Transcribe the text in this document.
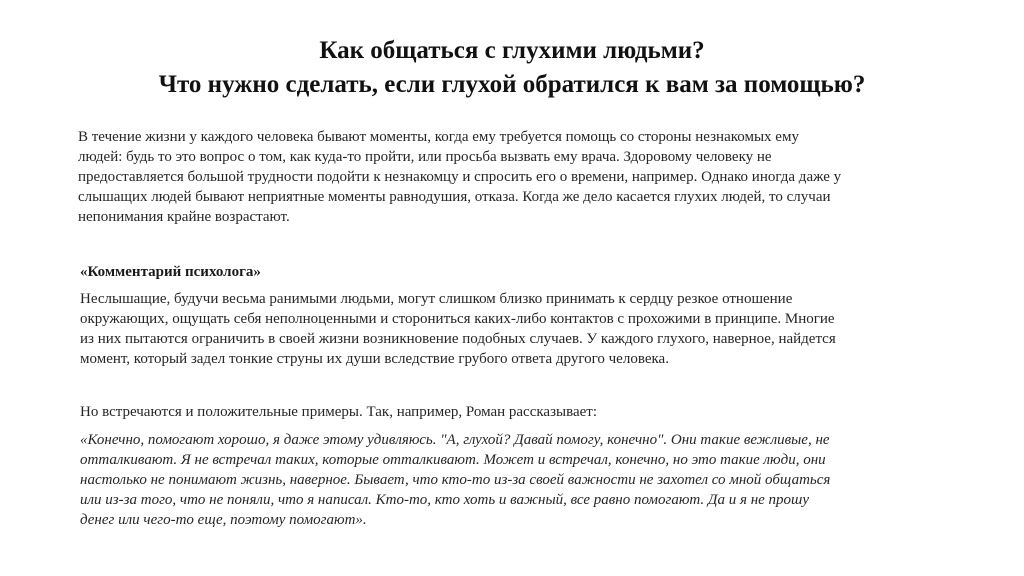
Как общаться с глухими людьми?
Что нужно сделать, если глухой обратился к вам за помощью?
В течение жизни у каждого человека бывают моменты, когда ему требуется помощь со стороны незнакомых ему
людей: будь то это вопрос о том, как куда-то пройти, или просьба вызвать ему врача. Здоровому человеку не
предоставляется большой трудности подойти к незнакомцу и спросить его о времени, например. Однако иногда даже у
слышащих людей бывают неприятные моменты равнодушия, отказа. Когда же дело касается глухих людей, то случаи
непонимания крайне возрастают.
«Комментарий психолога»
Неслышащие, будучи весьма ранимыми людьми, могут слишком близко принимать к сердцу резкое отношение
окружающих, ощущать себя неполноценными и сторониться каких-либо контактов с прохожими в принципе. Многие
из них пытаются ограничить в своей жизни возникновение подобных случаев. У каждого глухого, наверное, найдется
момент, который задел тонкие струны их души вследствие грубого ответа другого человека.
Но встречаются и положительные примеры. Так, например, Роман рассказывает:
«Конечно, помогают хорошо, я даже этому удивляюсь. "А, глухой? Давай помогу, конечно". Они такие вежливые, не
отталкивают. Я не встречал таких, которые отталкивают. Может и встречал, конечно, но это такие люди, они
настолько не понимают жизнь, наверное. Бывает, что кто-то из-за своей важности не захотел со мной общаться
или из-за того, что не поняли, что я написал. Кто-то, кто хоть и важный, все равно помогают. Да и я не прошу
денег или чего-то еще, поэтому помогают».
